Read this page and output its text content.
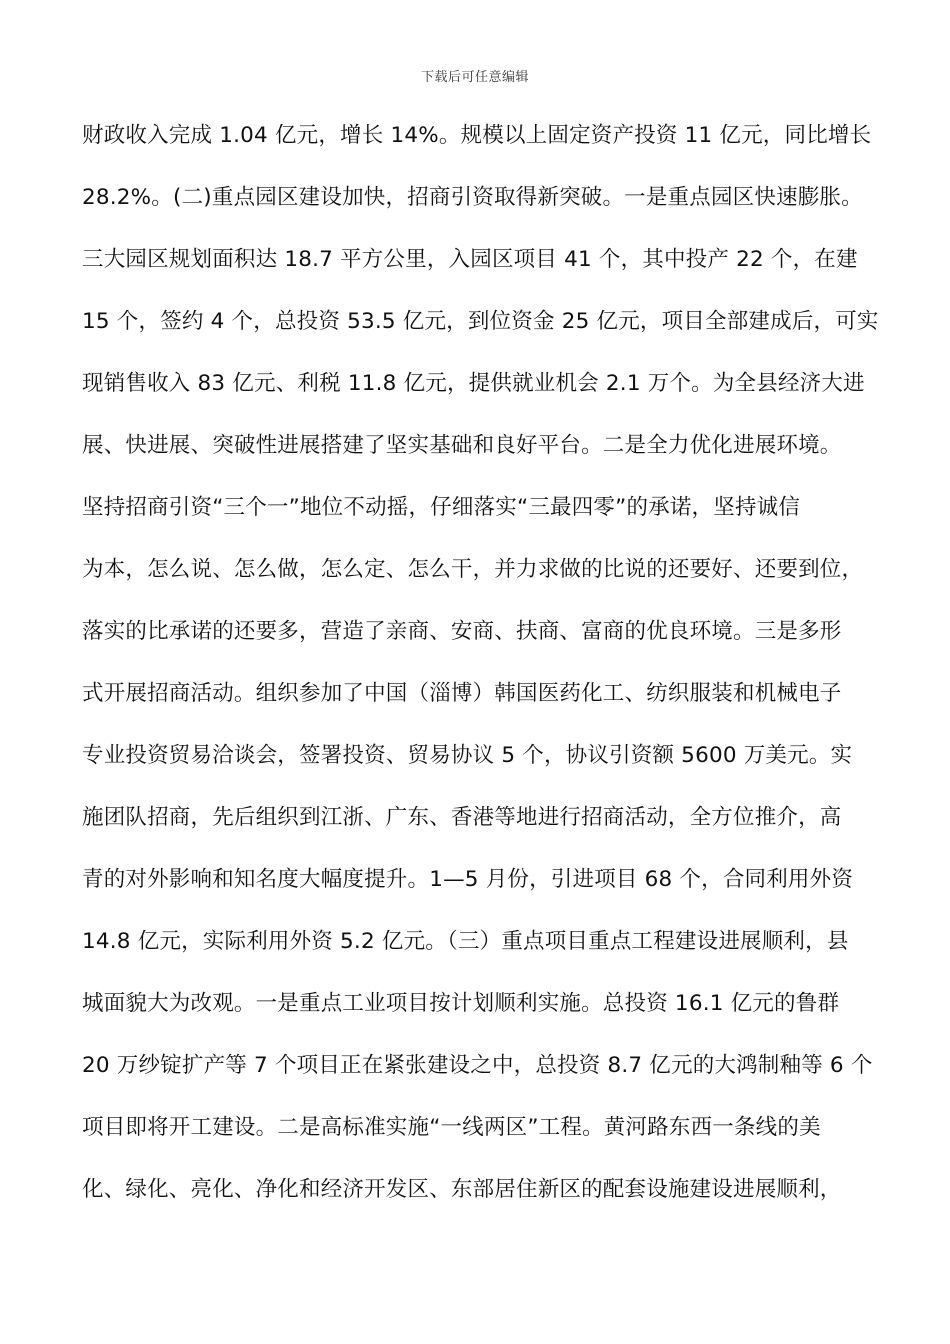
下载后可任意编辑
财政收入完成 1.04 亿元，增长 14%。规模以上固定资产投资 11 亿元，同比增长
28.2%。(二)重点园区建设加快，招商引资取得新突破。一是重点园区快速膨胀。
三大园区规划面积达 18.7 平方公里，入园区项目 41 个，其中投产 22 个，在建
15 个，签约 4 个，总投资 53.5 亿元，到位资金 25 亿元，项目全部建成后，可实
现销售收入 83 亿元、利税 11.8 亿元，提供就业机会 2.1 万个。为全县经济大进
展、快进展、突破性进展搭建了坚实基础和良好平台。二是全力优化进展环境。
坚持招商引资“三个一”地位不动摇，仔细落实“三最四零”的承诺，坚持诚信
为本，怎么说、怎么做，怎么定、怎么干，并力求做的比说的还要好、还要到位，
落实的比承诺的还要多，营造了亲商、安商、扶商、富商的优良环境。三是多形
式开展招商活动。组织参加了中国（淄博）韩国医药化工、纺织服装和机械电子
专业投资贸易洽谈会，签署投资、贸易协议 5 个，协议引资额 5600 万美元。实
施团队招商，先后组织到江浙、广东、香港等地进行招商活动，全方位推介，高
青的对外影响和知名度大幅度提升。1—5 月份，引进项目 68 个，合同利用外资
14.8 亿元，实际利用外资 5.2 亿元。（三）重点项目重点工程建设进展顺利，县
城面貌大为改观。一是重点工业项目按计划顺利实施。总投资 16.1 亿元的鲁群
20 万纱锭扩产等 7 个项目正在紧张建设之中，总投资 8.7 亿元的大鸿制釉等 6 个
项目即将开工建设。二是高标准实施“一线两区”工程。黄河路东西一条线的美
化、绿化、亮化、净化和经济开发区、东部居住新区的配套设施建设进展顺利，
